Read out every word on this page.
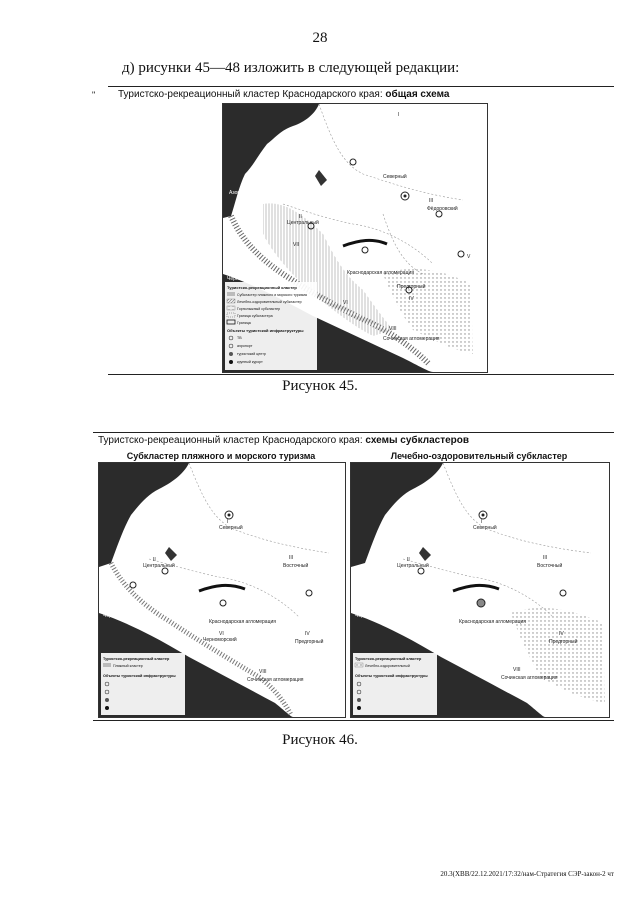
28
д) рисунки 45—48 изложить в следующей редакции:
" Туристско-рекреационный кластер Краснодарского края: общая схема
Азовское море
Чёрное море
Северный
I
Фёдоровский
III
II
Центральный
Краснодарская агломерация
IV
Предгорный
V
VI
VII
VIII
Сочинская агломерация
Туристско-рекреационный кластер
Субкластер пляжного и морского туризма
Лечебно-оздоровительный субкластер
Горнолыжный субкластер
Граница субкластера
Граница
Объекты туристской инфраструктуры
ТВ
аэропорт
туристский центр
крупный курорт
Рисунок 45.
Туристско-рекреационный кластер Краснодарского края: схемы субкластеров
Субкластер пляжного и морского туризма	Лечебно-оздоровительный субкластер
Азовское море
Чёрное море
Северный
I
III
Восточный
II
Центральный
Краснодарская агломерация
IV
Предгорный
VI
Черноморский
VIII
Сочинская агломерация
Туристско-рекреационный кластер
Пляжный кластер
Объекты туристской инфраструктуры
Азовское море
Чёрное море
Северный
I
III
Восточный
II
Центральный
Краснодарская агломерация
IV
Предгорный
VIII
Сочинская агломерация
Туристско-рекреационный кластер
Лечебно-оздоровительный
Объекты туристской инфраструктуры
Рисунок 46.
20.3(XBВ/22.12.2021/17:32/нам-Стратегия СЭР-закон-2 чт
